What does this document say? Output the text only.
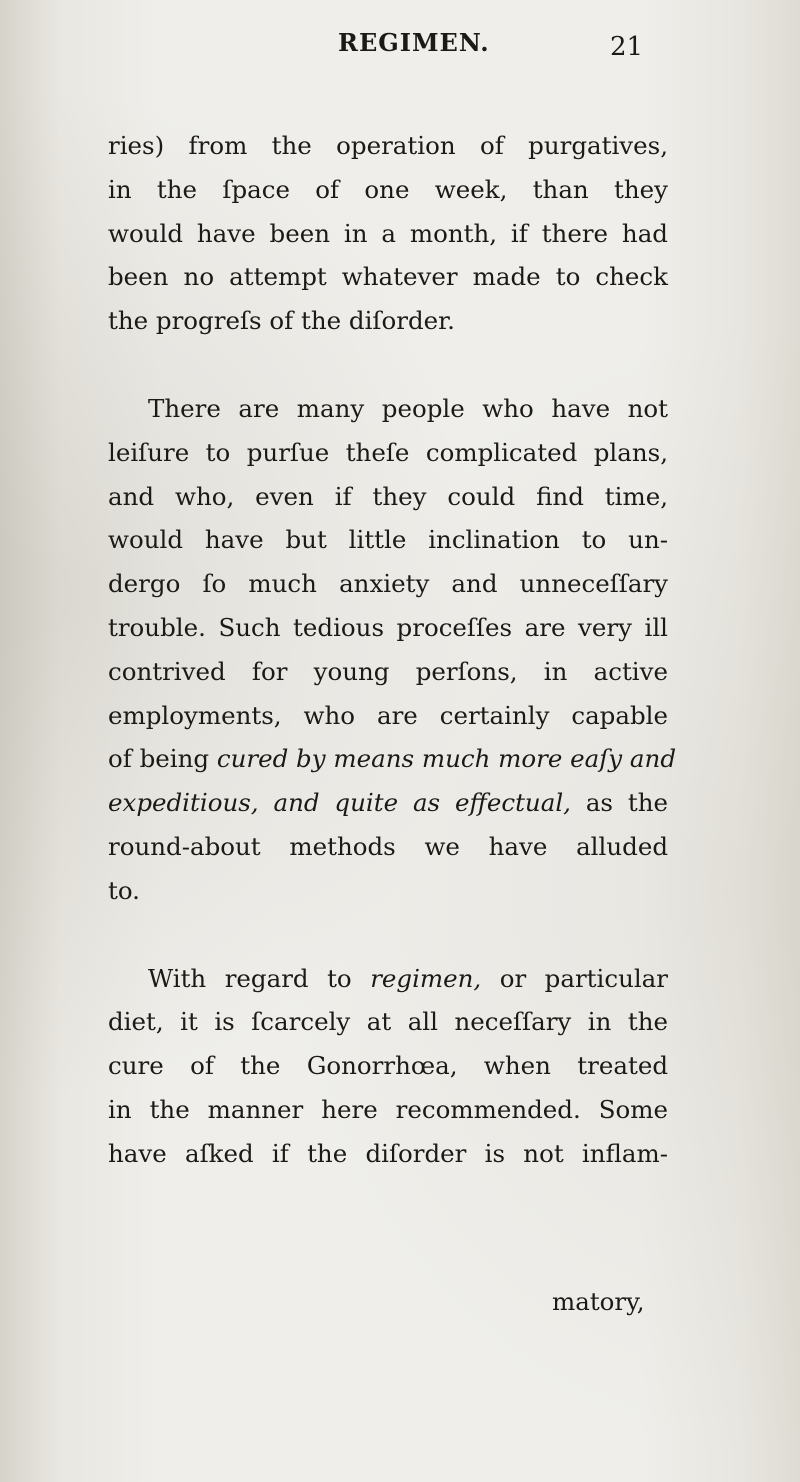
REGIMEN.	21

ries) from the operation of purgatives,
in the ſpace of one week, than they
would have been in a month, if there had
been no attempt whatever made to check
the progreſs of the diſorder.

There are many people who have not
leiſure to purſue theſe complicated plans,
and who, even if they could find time,
would have but little inclination to un-
dergo ſo much anxiety and unneceſſary
trouble. Such tedious proceſſes are very ill
contrived for young perſons, in active
employments, who are certainly capable
of being cured by means much more eaſy and
expeditious, and quite as effectual, as the
round-about methods we have alluded
to.

With regard to regimen, or particular
diet, it is ſcarcely at all neceſſary in the
cure of the Gonorrhœa, when treated
in the manner here recommended. Some
have aſked if the diſorder is not inflam-

matory,
